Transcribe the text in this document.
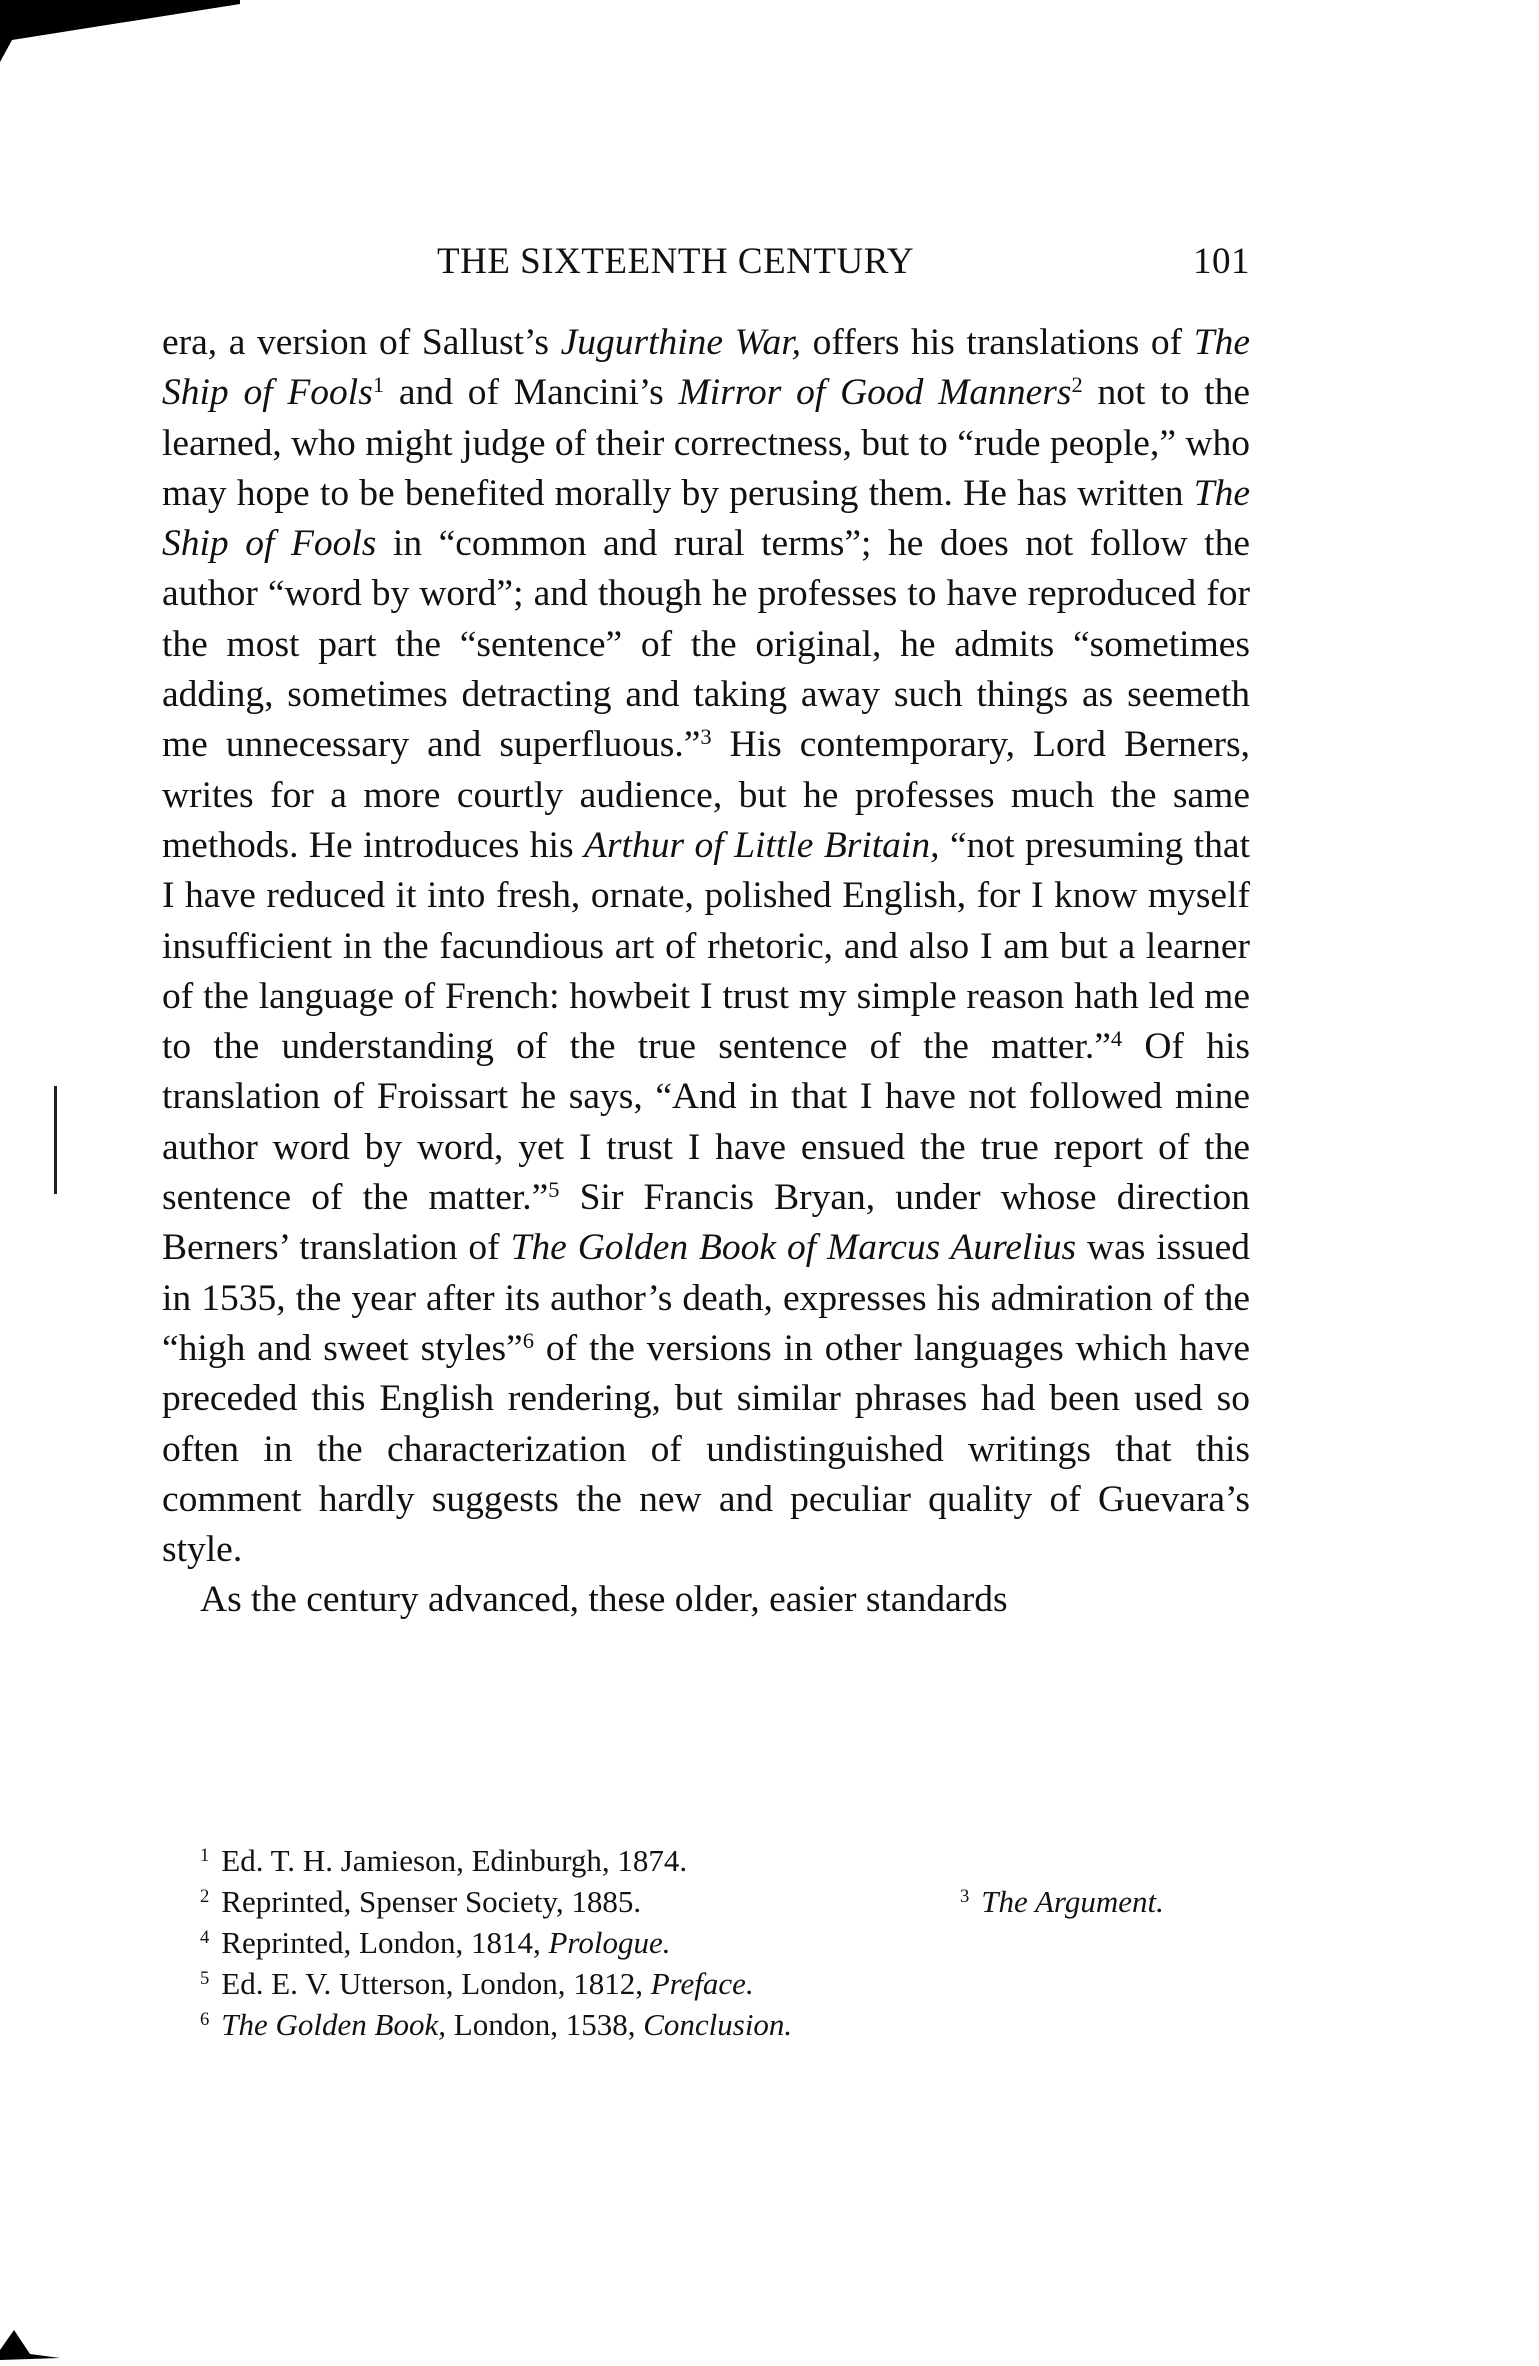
THE SIXTEENTH CENTURY	101

era, a version of Sallust’s Jugurthine War, offers his translations of The Ship of Fools$^1$ and of Mancini’s Mirror of Good Manners$^2$ not to the learned, who might judge of their correctness, but to “rude people,” who may hope to be benefited morally by perusing them. He has written The Ship of Fools in “common and rural terms”; he does not follow the author “word by word”; and though he professes to have reproduced for the most part the “sentence” of the original, he admits “sometimes adding, sometimes detracting and taking away such things as seemeth me unnecessary and superfluous.”$^3$ His contemporary, Lord Berners, writes for a more courtly audience, but he professes much the same methods. He introduces his Arthur of Little Britain, “not presuming that I have reduced it into fresh, ornate, polished English, for I know myself insufficient in the facundious art of rhetoric, and also I am but a learner of the language of French: howbeit I trust my simple reason hath led me to the understanding of the true sentence of the matter.”$^4$ Of his translation of Froissart he says, “And in that I have not followed mine author word by word, yet I trust I have ensued the true report of the sentence of the matter.”$^5$ Sir Francis Bryan, under whose direction Berners’ translation of The Golden Book of Marcus Aurelius was issued in 1535, the year after its author’s death, expresses his admiration of the “high and sweet styles”$^6$ of the versions in other languages which have preceded this English rendering, but similar phrases had been used so often in the characterization of undistinguished writings that this comment hardly suggests the new and peculiar quality of Guevara’s style.

As the century advanced, these older, easier standards

$^1$ Ed. T. H. Jamieson, Edinburgh, 1874.
$^2$ Reprinted, Spenser Society, 1885.	$^3$ The Argument.
$^4$ Reprinted, London, 1814, Prologue.
$^5$ Ed. E. V. Utterson, London, 1812, Preface.
$^6$ The Golden Book, London, 1538, Conclusion.
